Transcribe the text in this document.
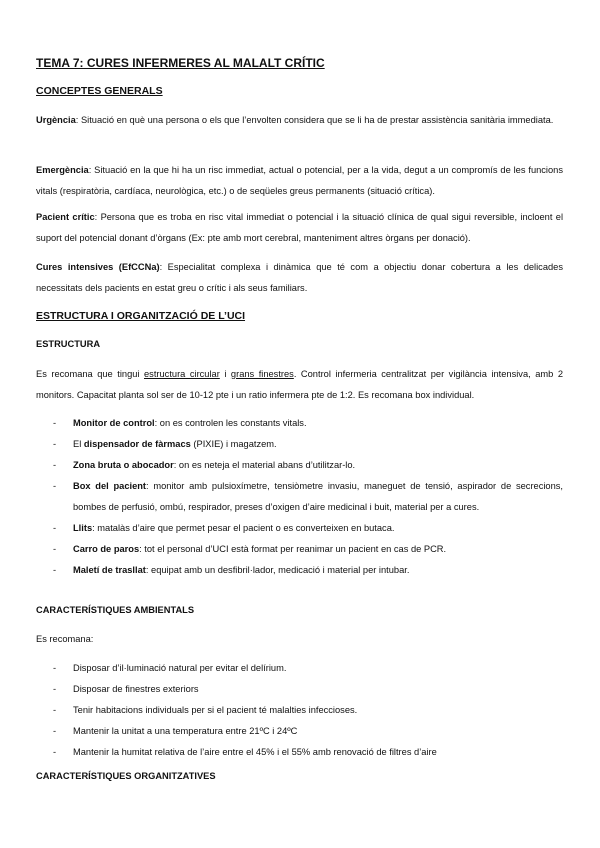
TEMA 7: CURES INFERMERES AL MALALT CRÍTIC
CONCEPTES GENERALS
Urgència: Situació en què una persona o els que l’envolten considera que se li ha de prestar assistència sanitària immediata.
Emergència: Situació en la que hi ha un risc immediat, actual o potencial, per a la vida, degut a un compromís de les funcions vitals (respiratòria, cardíaca, neurològica, etc.) o de seqüeles greus permanents (situació crítica).
Pacient crític: Persona que es troba en risc vital immediat o potencial i la situació clínica de qual sigui reversible, incloent el suport del potencial donant d’òrgans (Ex: pte amb mort cerebral, manteniment altres òrgans per donació).
Cures intensives (EfCCNa): Especialitat complexa i dinàmica que té com a objectiu donar cobertura a les delicades necessitats dels pacients en estat greu o crític i als seus familiars.
ESTRUCTURA I ORGANITZACIÓ DE L’UCI
ESTRUCTURA
Es recomana que tingui estructura circular i grans finestres. Control infermeria centralitzat per vigilància intensiva, amb 2 monitors. Capacitat planta sol ser de 10-12 pte i un ratio infermera pte de 1:2. Es recomana box individual.
- Monitor de control: on es controlen les constants vitals.
- El dispensador de fàrmacs (PIXIE) i magatzem.
- Zona bruta o abocador: on es neteja el material abans d’utilitzar-lo.
- Box del pacient: monitor amb pulsioxímetre, tensiòmetre invasiu, maneguet de tensió, aspirador de secrecions, bombes de perfusió, ombú, respirador, preses d’oxigen d’aire medicinal i buit, material per a cures.
- Llits: matalàs d’aire que permet pesar el pacient o es converteixen en butaca.
- Carro de paros: tot el personal d’UCI està format per reanimar un pacient en cas de PCR.
- Maletí de trasllat: equipat amb un desfibril·lador, medicació i material per intubar.
CARACTERÍSTIQUES AMBIENTALS
Es recomana:
- Disposar d’il·luminació natural per evitar el delírium.
- Disposar de finestres exteriors
- Tenir habitacions individuals per si el pacient té malalties infeccioses.
- Mantenir la unitat a una temperatura entre 21ºC i 24ºC
- Mantenir la humitat relativa de l’aire entre el 45% i el 55% amb renovació de filtres d’aire
CARACTERÍSTIQUES ORGANITZATIVES
